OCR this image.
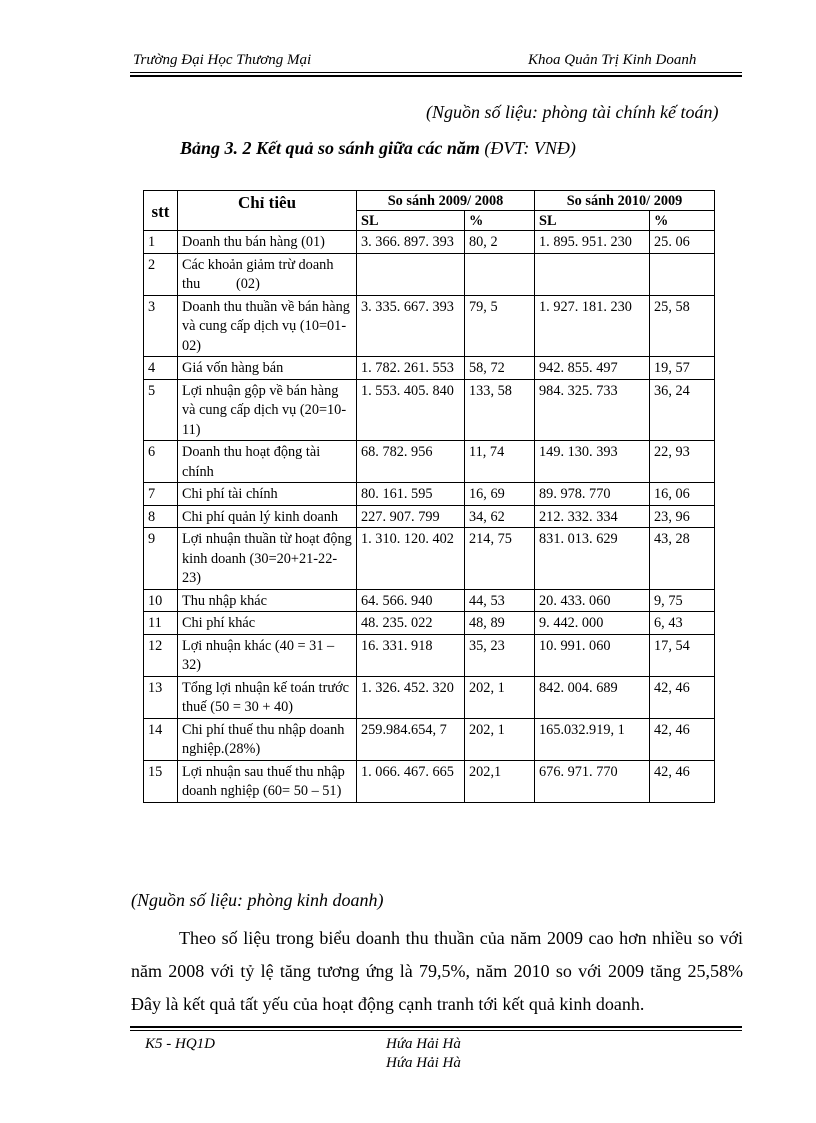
Trường Đại Học Thương Mại	Khoa Quản Trị Kinh Doanh
(Nguồn số liệu: phòng tài chính kế toán)
Bảng 3. 2 Kết quả so sánh giữa các năm (ĐVT: VNĐ)
stt	Chỉ tiêu	So sánh 2009/ 2008		So sánh 2010/ 2009	
		SL	%	SL	%
1	Doanh thu bán hàng (01)	3. 366. 897. 393	80, 2	1. 895. 951. 230	25. 06
2	Các khoản giảm trừ doanh thu          (02)				
3	Doanh thu thuần về bán hàng và cung cấp dịch vụ (10=01-02)	3. 335. 667. 393	79, 5	1. 927. 181. 230	25, 58
4	Giá vốn hàng bán	1. 782. 261. 553	58, 72	942. 855. 497	19, 57
5	Lợi nhuận gộp về bán hàng và cung cấp dịch vụ (20=10-11)	1. 553. 405. 840	133, 58	984. 325. 733	36, 24
6	Doanh thu hoạt động tài chính	68. 782. 956	11, 74	149. 130. 393	22, 93
7	Chi phí tài chính	80. 161. 595	16, 69	89. 978. 770	16, 06
8	Chi phí quản lý kinh doanh	227. 907. 799	34, 62	212. 332. 334	23, 96
9	Lợi nhuận thuần từ hoạt động kinh doanh (30=20+21-22-23)	1. 310. 120. 402	214, 75	831. 013. 629	43, 28
10	Thu nhập khác	64. 566. 940	44, 53	20. 433. 060	9, 75
11	Chi phí khác	48. 235. 022	48, 89	9. 442. 000	6, 43
12	Lợi nhuận khác (40 = 31 – 32)	16. 331. 918	35, 23	10. 991. 060	17, 54
13	Tổng lợi nhuận kế toán trước thuế (50 = 30 + 40)	1. 326. 452. 320	202, 1	842. 004. 689	42, 46
14	Chi phí thuế thu nhập doanh nghiệp.(28%)	259.984.654, 7	202, 1	165.032.919, 1	42, 46
15	Lợi nhuận sau thuế thu nhập doanh nghiệp (60= 50 – 51)	1. 066. 467. 665	202,1	676. 971. 770	42, 46
(Nguồn số liệu: phòng kinh doanh)

Theo số liệu trong biểu doanh thu thuần của năm 2009 cao hơn nhiều so với năm 2008 với tỷ lệ tăng tương ứng là 79,5%, năm 2010 so với 2009 tăng 25,58% Đây là kết quả tất yếu của hoạt động cạnh tranh tới kết quả kinh doanh.

K5 - HQ1D	Hứa Hải Hà
Hứa Hải Hà
